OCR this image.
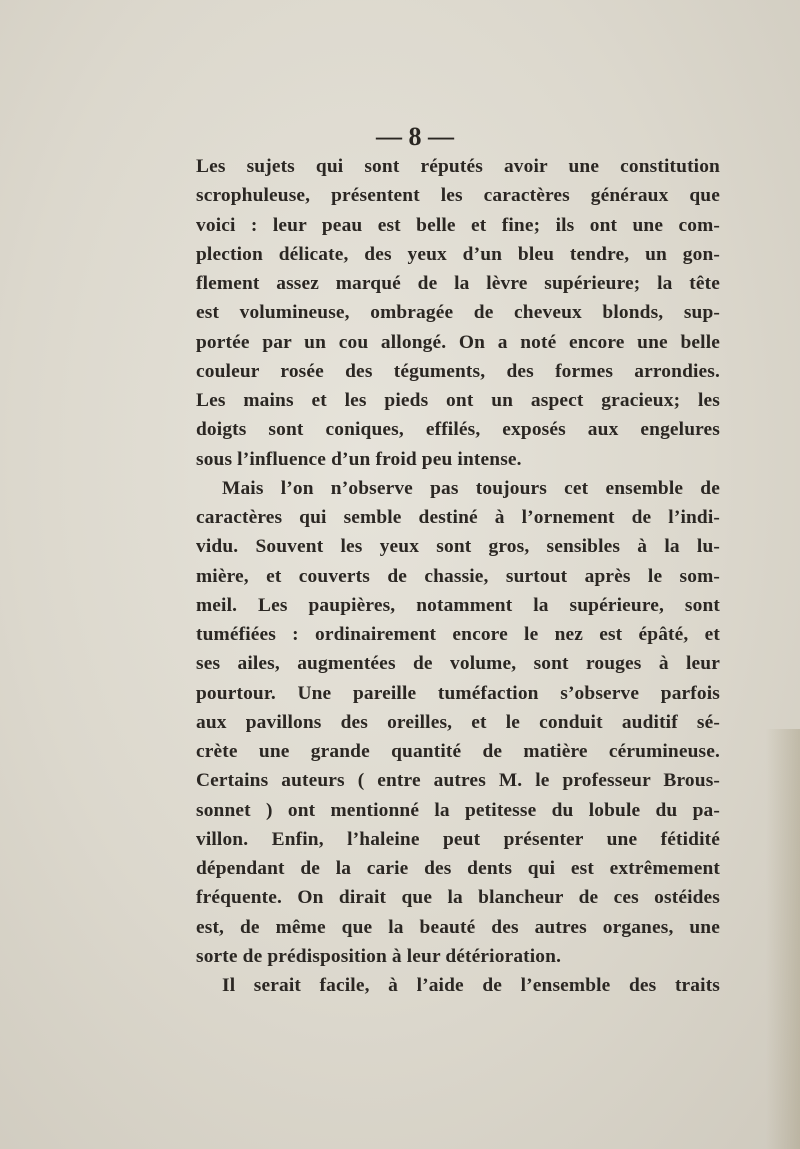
— 8 —
Les sujets qui sont réputés avoir une constitution
scrophuleuse, présentent les caractères généraux que
voici : leur peau est belle et fine; ils ont une com-
plection délicate, des yeux d’un bleu tendre, un gon-
flement assez marqué de la lèvre supérieure; la tête
est volumineuse, ombragée de cheveux blonds, sup-
portée par un cou allongé. On a noté encore une belle
couleur rosée des téguments, des formes arrondies.
Les mains et les pieds ont un aspect gracieux; les
doigts sont coniques, effilés, exposés aux engelures
sous l’influence d’un froid peu intense.
Mais l’on n’observe pas toujours cet ensemble de
caractères qui semble destiné à l’ornement de l’indi-
vidu. Souvent les yeux sont gros, sensibles à la lu-
mière, et couverts de chassie, surtout après le som-
meil. Les paupières, notamment la supérieure, sont
tuméfiées : ordinairement encore le nez est épâté, et
ses ailes, augmentées de volume, sont rouges à leur
pourtour. Une pareille tuméfaction s’observe parfois
aux pavillons des oreilles, et le conduit auditif sé-
crète une grande quantité de matière cérumineuse.
Certains auteurs ( entre autres M. le professeur Brous-
sonnet ) ont mentionné la petitesse du lobule du pa-
villon. Enfin, l’haleine peut présenter une fétidité
dépendant de la carie des dents qui est extrêmement
fréquente. On dirait que la blancheur de ces ostéides
est, de même que la beauté des autres organes, une
sorte de prédisposition à leur détérioration.
Il serait facile, à l’aide de l’ensemble des traits
